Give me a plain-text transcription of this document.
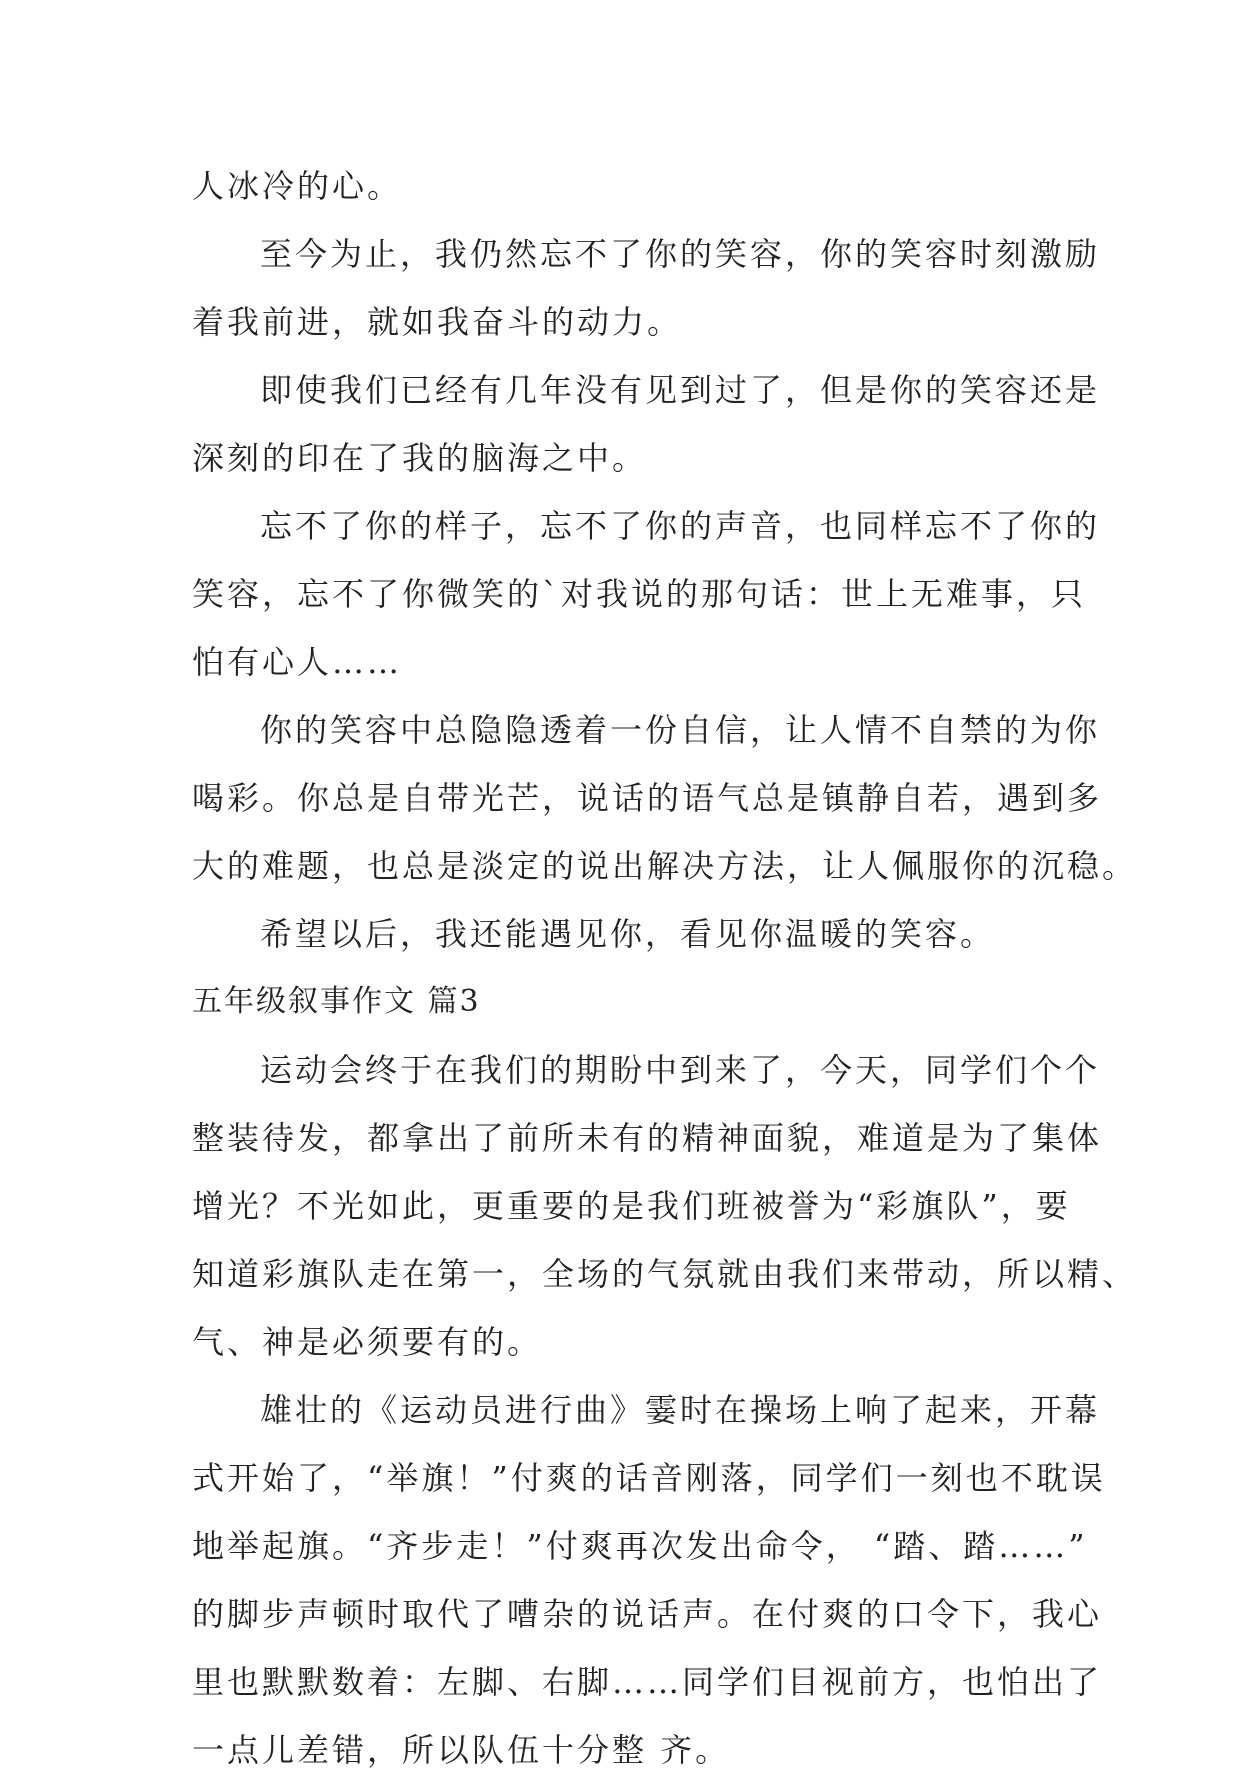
人冰冷的心。
至今为止，我仍然忘不了你的笑容，你的笑容时刻激励
着我前进，就如我奋斗的动力。
即使我们已经有几年没有见到过了，但是你的笑容还是
深刻的印在了我的脑海之中。
忘不了你的样子，忘不了你的声音，也同样忘不了你的
笑容，忘不了你微笑的`对我说的那句话：世上无难事，只
怕有心人……
你的笑容中总隐隐透着一份自信，让人情不自禁的为你
喝彩。你总是自带光芒，说话的语气总是镇静自若，遇到多
大的难题，也总是淡定的说出解决方法，让人佩服你的沉稳。
希望以后，我还能遇见你，看见你温暖的笑容。
五年级叙事作文 篇3
运动会终于在我们的期盼中到来了，今天，同学们个个
整装待发，都拿出了前所未有的精神面貌，难道是为了集体
增光？不光如此，更重要的是我们班被誉为“彩旗队”，要
知道彩旗队走在第一，全场的气氛就由我们来带动，所以精、
气、神是必须要有的。
雄壮的《运动员进行曲》霎时在操场上响了起来，开幕
式开始了，“举旗！”付爽的话音刚落，同学们一刻也不耽误
地举起旗。“齐步走！”付爽再次发出命令， “踏、踏……”
的脚步声顿时取代了嘈杂的说话声。在付爽的口令下，我心
里也默默数着：左脚、右脚……同学们目视前方，也怕出了
一点儿差错，所以队伍十分整 齐。
